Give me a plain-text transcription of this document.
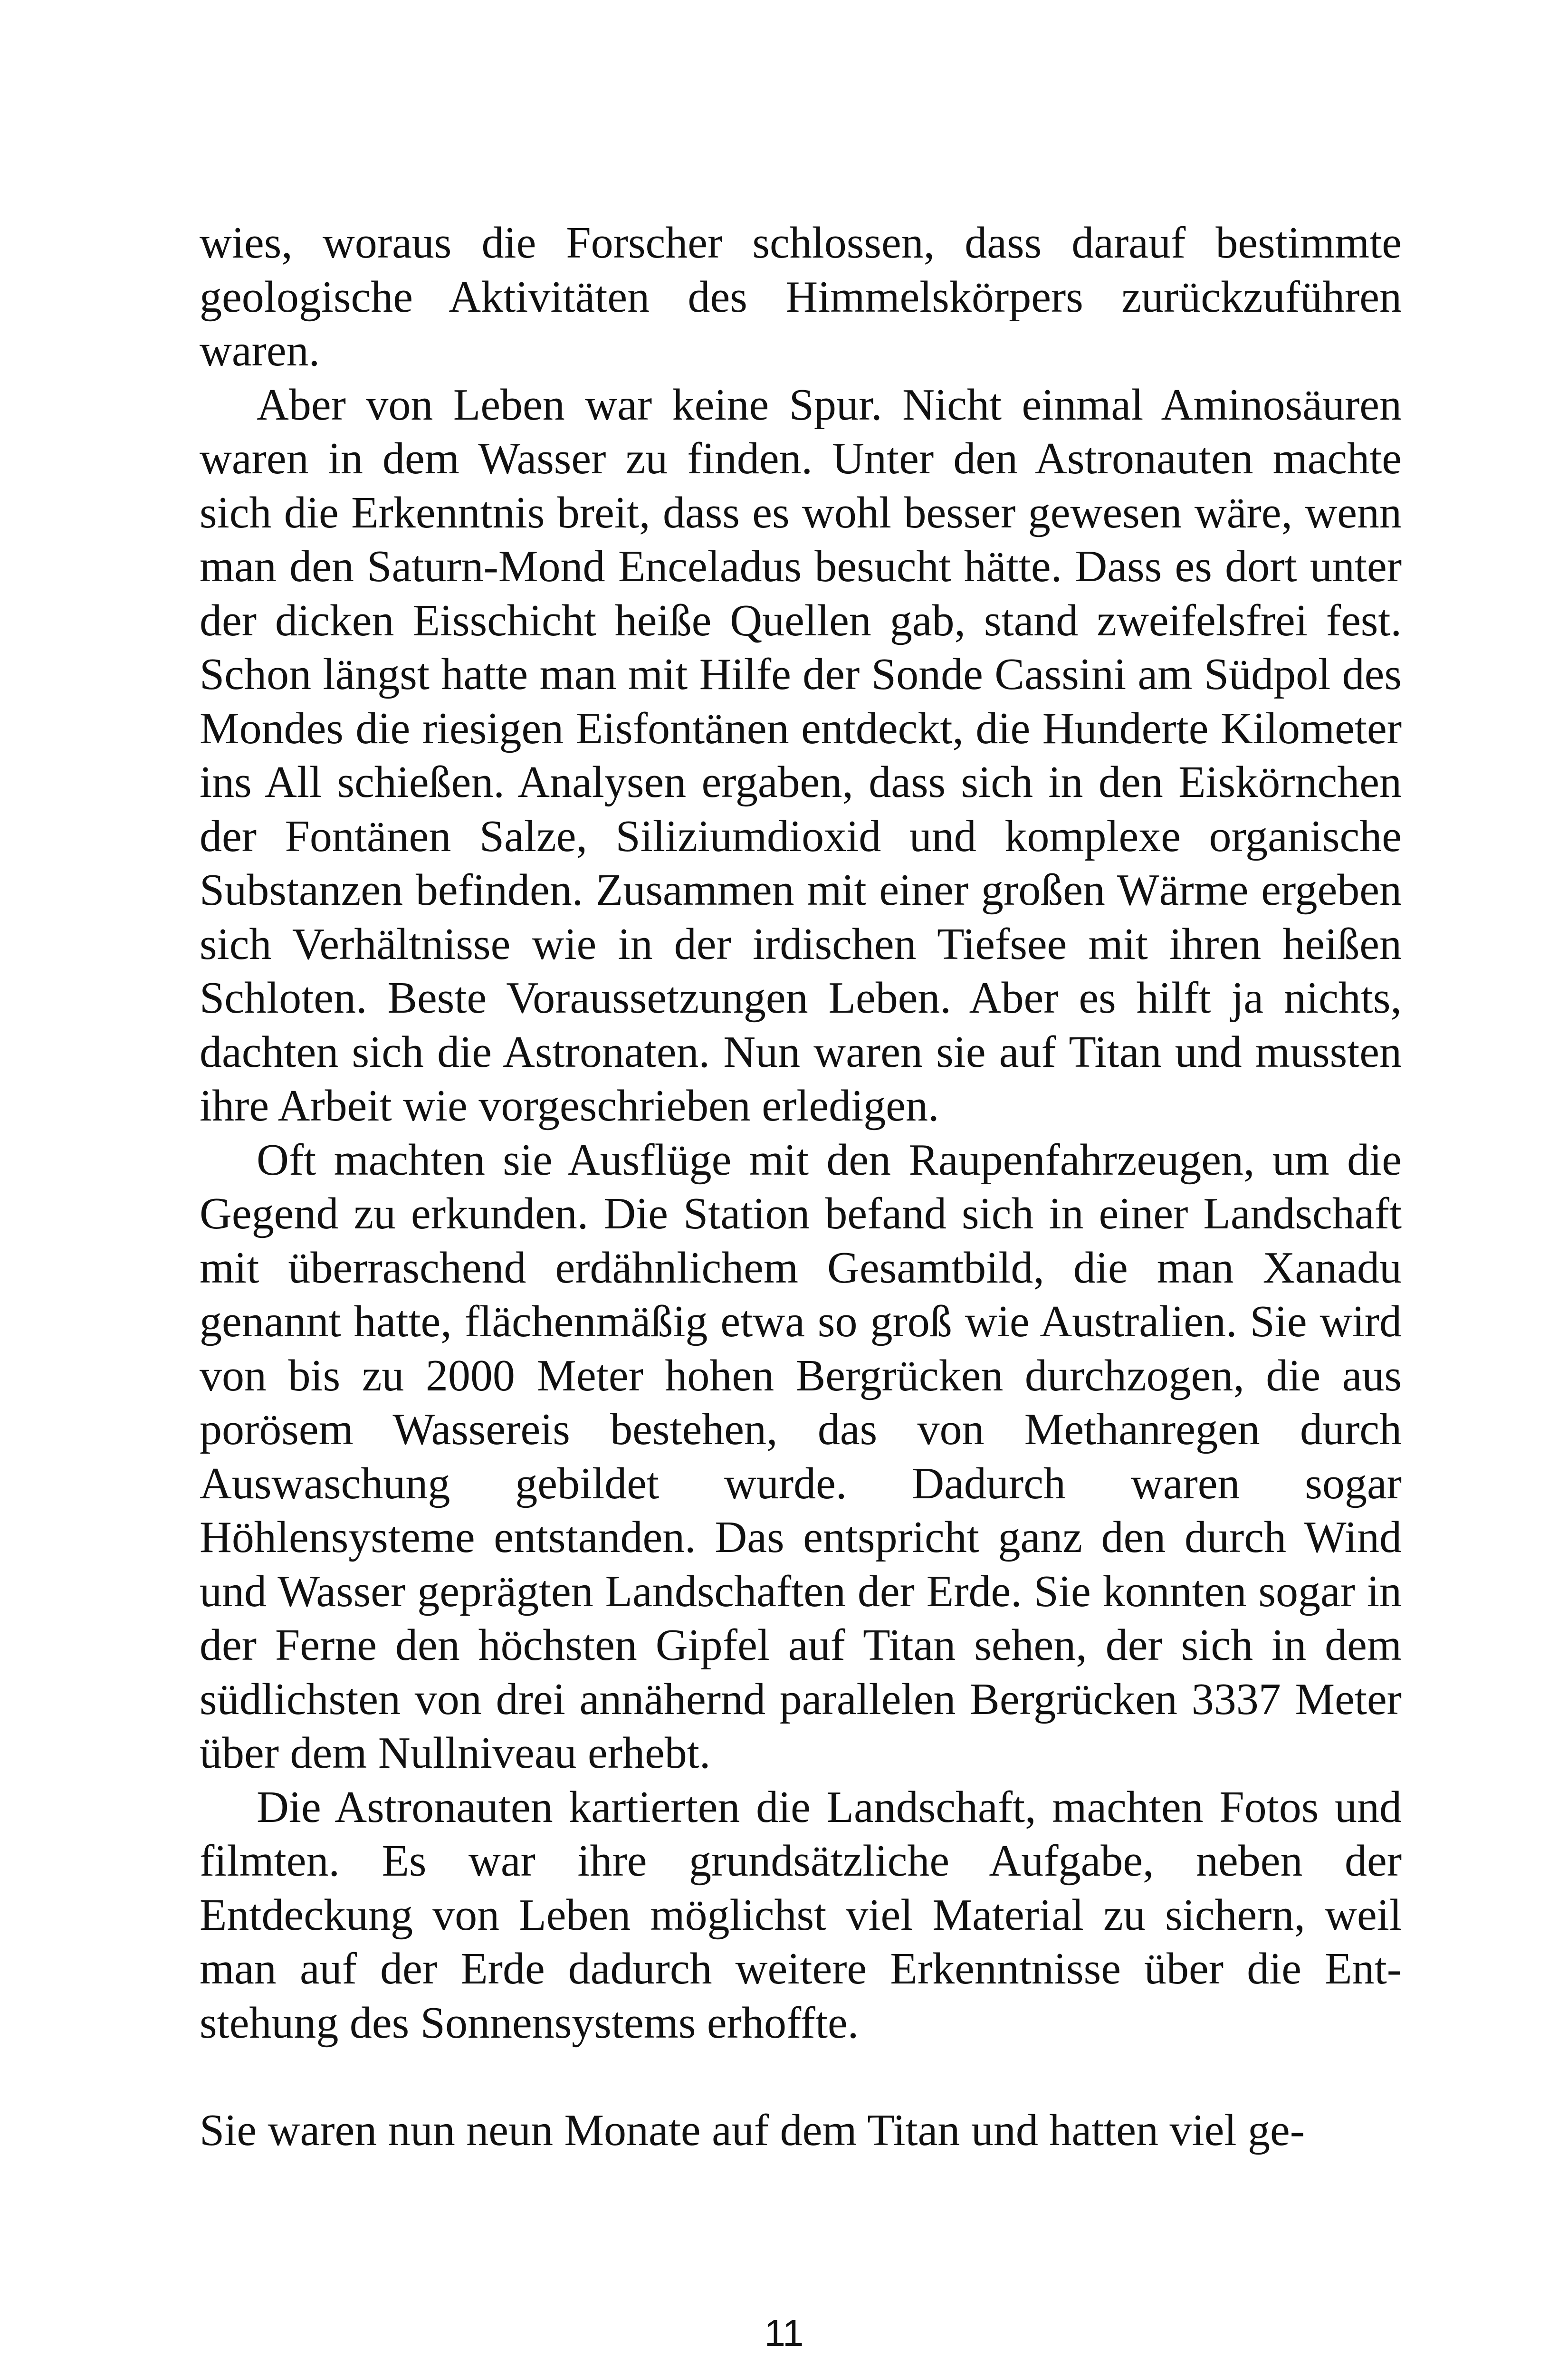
wies, woraus die Forscher schlossen, dass darauf bestimmte geologische Aktivitäten des Himmelskörpers zurückzuführen waren.

Aber von Leben war keine Spur. Nicht einmal Aminosäuren waren in dem Wasser zu finden. Unter den Astronauten machte sich die Erkenntnis breit, dass es wohl besser gewesen wäre, wenn man den Saturn-Mond Enceladus besucht hätte. Dass es dort unter der dicken Eisschicht heiße Quellen gab, stand zweifelsfrei fest. Schon längst hatte man mit Hilfe der Sonde Cassini am Südpol des Mondes die riesigen Eisfontänen entdeckt, die Hunderte Kilometer ins All schießen. Analysen ergaben, dass sich in den Eiskörnchen der Fontänen Salze, Siliziumdioxid und komplexe organische Substanzen befinden. Zusammen mit einer großen Wärme ergeben sich Verhältnisse wie in der irdischen Tiefsee mit ihren heißen Schloten. Beste Voraussetzungen Leben. Aber es hilft ja nichts, dachten sich die Astronaten. Nun waren sie auf Titan und mussten ihre Arbeit wie vorgeschrieben erledigen.

Oft machten sie Ausflüge mit den Raupenfahrzeugen, um die Gegend zu erkunden. Die Station befand sich in einer Landschaft mit überraschend erdähnlichem Gesamtbild, die man Xanadu genannt hatte, flächenmäßig etwa so groß wie Australien. Sie wird von bis zu 2000 Meter hohen Bergrücken durchzogen, die aus porösem Wassereis bestehen, das von Methanregen durch Auswaschung gebildet wurde. Dadurch waren sogar Höhlensysteme entstanden. Das entspricht ganz den durch Wind und Wasser geprägten Landschaften der Erde. Sie konnten sogar in der Ferne den höchsten Gipfel auf Titan sehen, der sich in dem südlichsten von drei annähernd parallelen Bergrücken 3337 Meter über dem Nullniveau erhebt.

Die Astronauten kartierten die Landschaft, machten Fotos und filmten. Es war ihre grundsätzliche Aufgabe, neben der Entdeckung von Leben möglichst viel Material zu sichern, weil man auf der Erde dadurch weitere Erkenntnisse über die Entstehung des Sonnensystems erhoffte.

Sie waren nun neun Monate auf dem Titan und hatten viel ge-

11
